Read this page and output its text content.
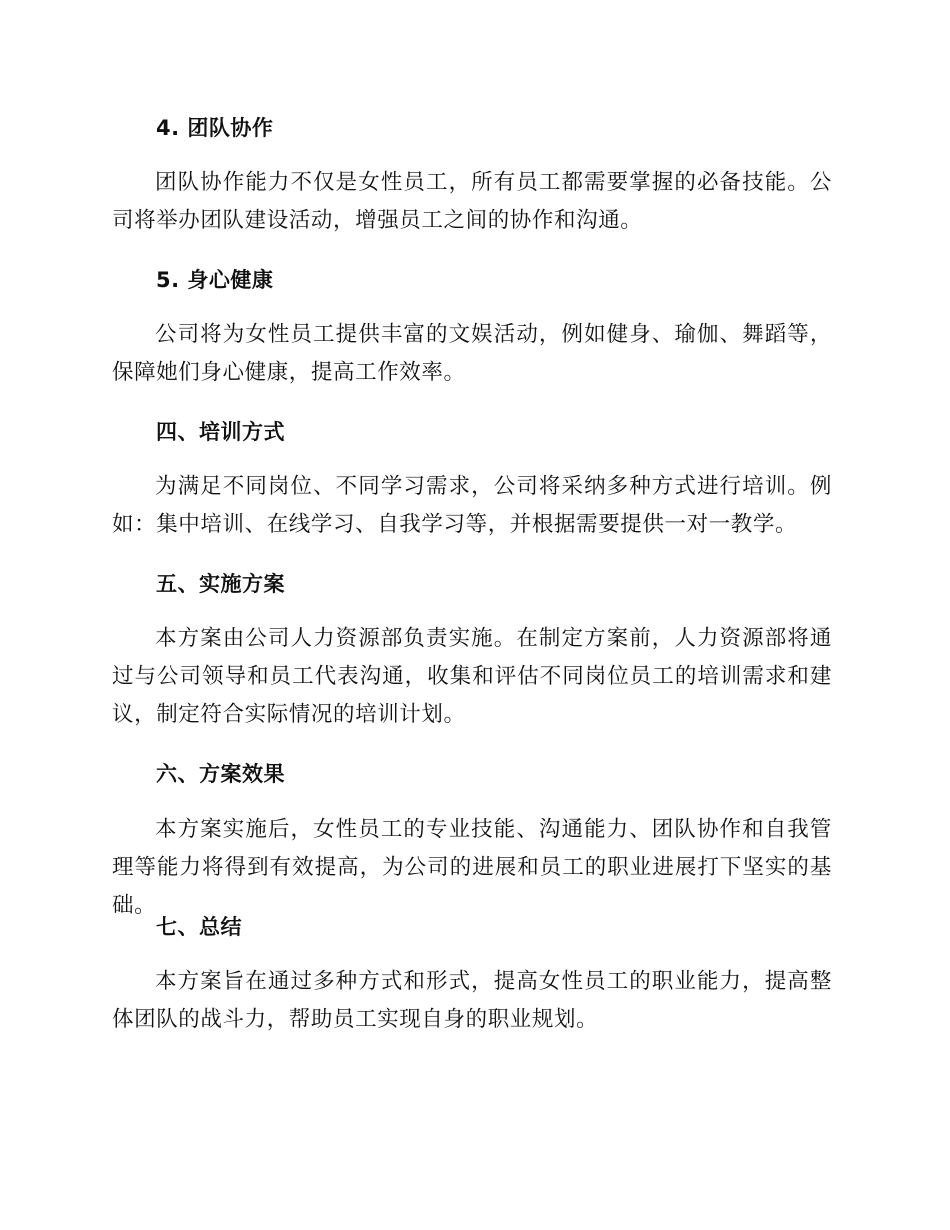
4. 团队协作

团队协作能力不仅是女性员工，所有员工都需要掌握的必备技能。公司将举办团队建设活动，增强员工之间的协作和沟通。

5. 身心健康

公司将为女性员工提供丰富的文娱活动，例如健身、瑜伽、舞蹈等，保障她们身心健康，提高工作效率。

四、培训方式

为满足不同岗位、不同学习需求，公司将采纳多种方式进行培训。例如：集中培训、在线学习、自我学习等，并根据需要提供一对一教学。

五、实施方案

本方案由公司人力资源部负责实施。在制定方案前，人力资源部将通过与公司领导和员工代表沟通，收集和评估不同岗位员工的培训需求和建议，制定符合实际情况的培训计划。

六、方案效果

本方案实施后，女性员工的专业技能、沟通能力、团队协作和自我管理等能力将得到有效提高，为公司的进展和员工的职业进展打下坚实的基础。

七、总结

本方案旨在通过多种方式和形式，提高女性员工的职业能力，提高整体团队的战斗力，帮助员工实现自身的职业规划。
